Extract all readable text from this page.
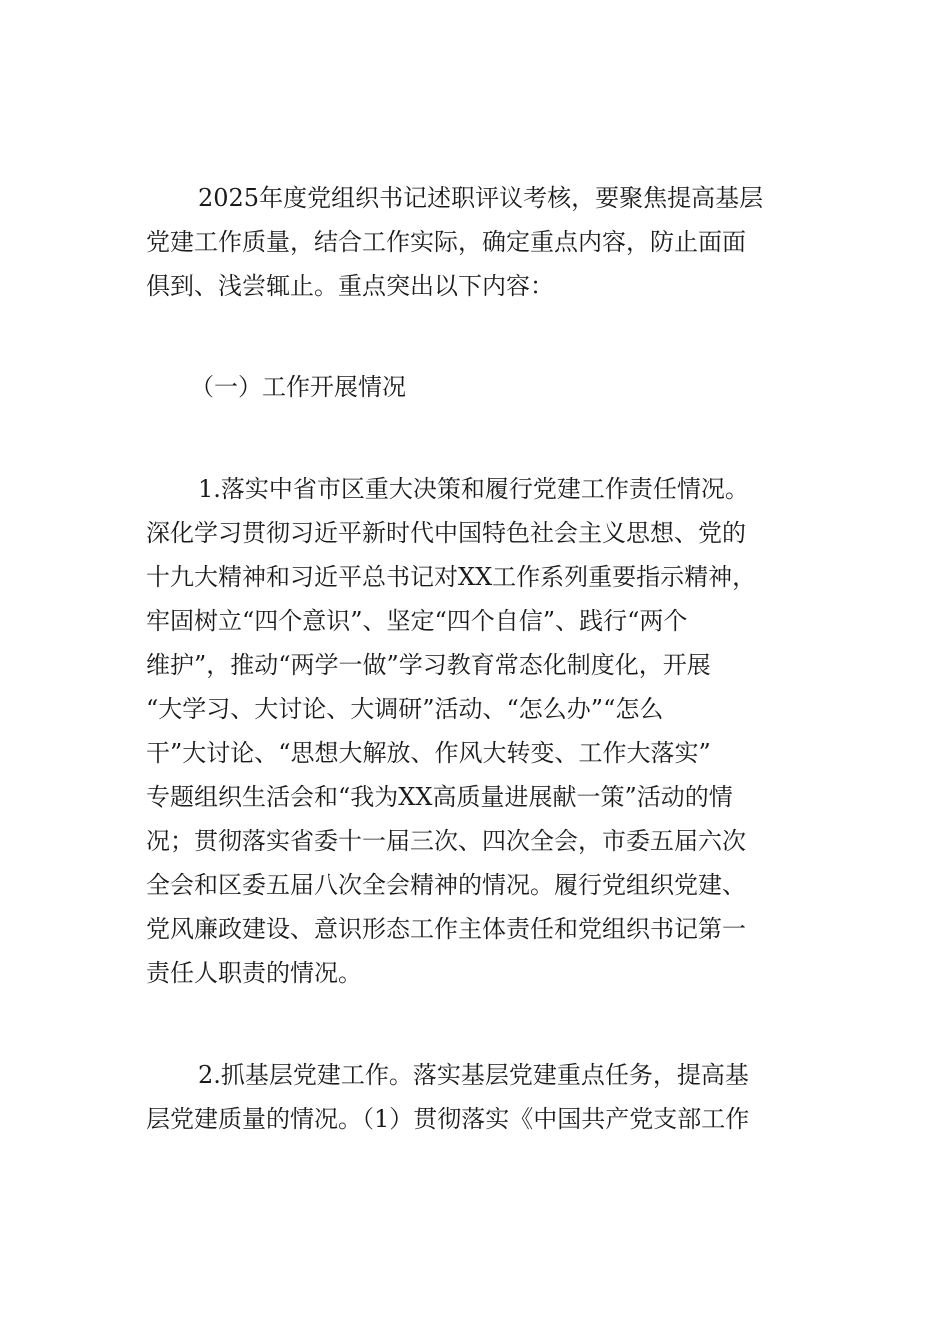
2025年度党组织书记述职评议考核，要聚焦提高基层
党建工作质量，结合工作实际，确定重点内容，防止面面
俱到、浅尝辄止。重点突出以下内容：
（一）工作开展情况
1.落实中省市区重大决策和履行党建工作责任情况。
深化学习贯彻习近平新时代中国特色社会主义思想、党的
十九大精神和习近平总书记对XX工作系列重要指示精神，
牢固树立“四个意识”、坚定“四个自信”、践行“两个
维护”，推动“两学一做”学习教育常态化制度化，开展
“大学习、大讨论、大调研”活动、“怎么办”“怎么
干”大讨论、“思想大解放、作风大转变、工作大落实”
专题组织生活会和“我为XX高质量进展献一策”活动的情
况；贯彻落实省委十一届三次、四次全会，市委五届六次
全会和区委五届八次全会精神的情况。履行党组织党建、
党风廉政建设、意识形态工作主体责任和党组织书记第一
责任人职责的情况。
2.抓基层党建工作。落实基层党建重点任务，提高基
层党建质量的情况。（1）贯彻落实《中国共产党支部工作
